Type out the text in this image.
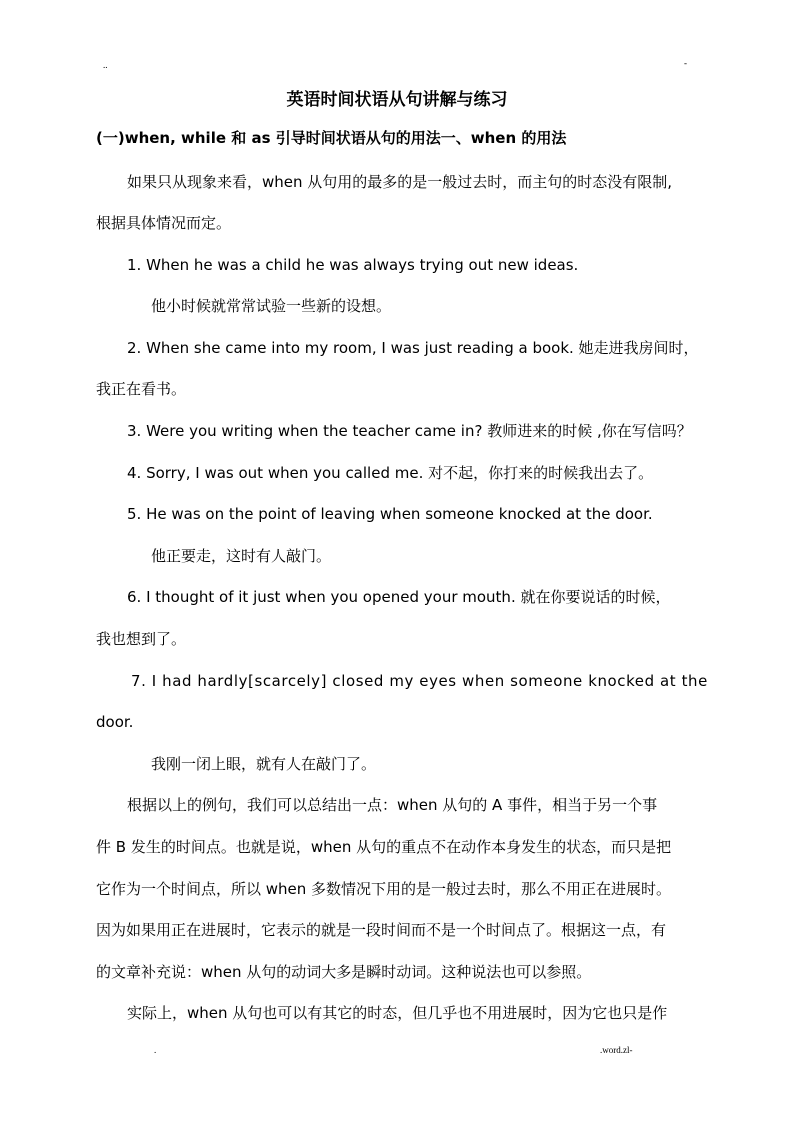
..	-
英语时间状语从句讲解与练习
(一)when, while 和 as 引导时间状语从句的用法一、when 的用法
如果只从现象来看，when 从句用的最多的是一般过去时，而主句的时态没有限制,
根据具体情况而定。
1. When he was a child he was always trying out new ideas.
他小时候就常常试验一些新的设想。
2. When she came into my room, I was just reading a book. 她走进我房间时，
我正在看书。
3. Were you writing when the teacher came in? 教师进来的时候 ,你在写信吗？
4. Sorry, I was out when you called me. 对不起，你打来的时候我出去了。
5. He was on the point of leaving when someone knocked at the door.
他正要走，这时有人敲门。
6. I thought of it just when you opened your mouth. 就在你要说话的时候，
我也想到了。
7. I had hardly[scarcely] closed my eyes when someone knocked at the
door.
我刚一闭上眼，就有人在敲门了。
根据以上的例句，我们可以总结出一点：when 从句的 A 事件，相当于另一个事
件 B 发生的时间点。也就是说，when 从句的重点不在动作本身发生的状态，而只是把
它作为一个时间点，所以 when 多数情况下用的是一般过去时，那么不用正在进展时。
因为如果用正在进展时，它表示的就是一段时间而不是一个时间点了。根据这一点，有
的文章补充说：when 从句的动词大多是瞬时动词。这种说法也可以参照。
实际上，when 从句也可以有其它的时态，但几乎也不用进展时，因为它也只是作
.	.word.zl-
